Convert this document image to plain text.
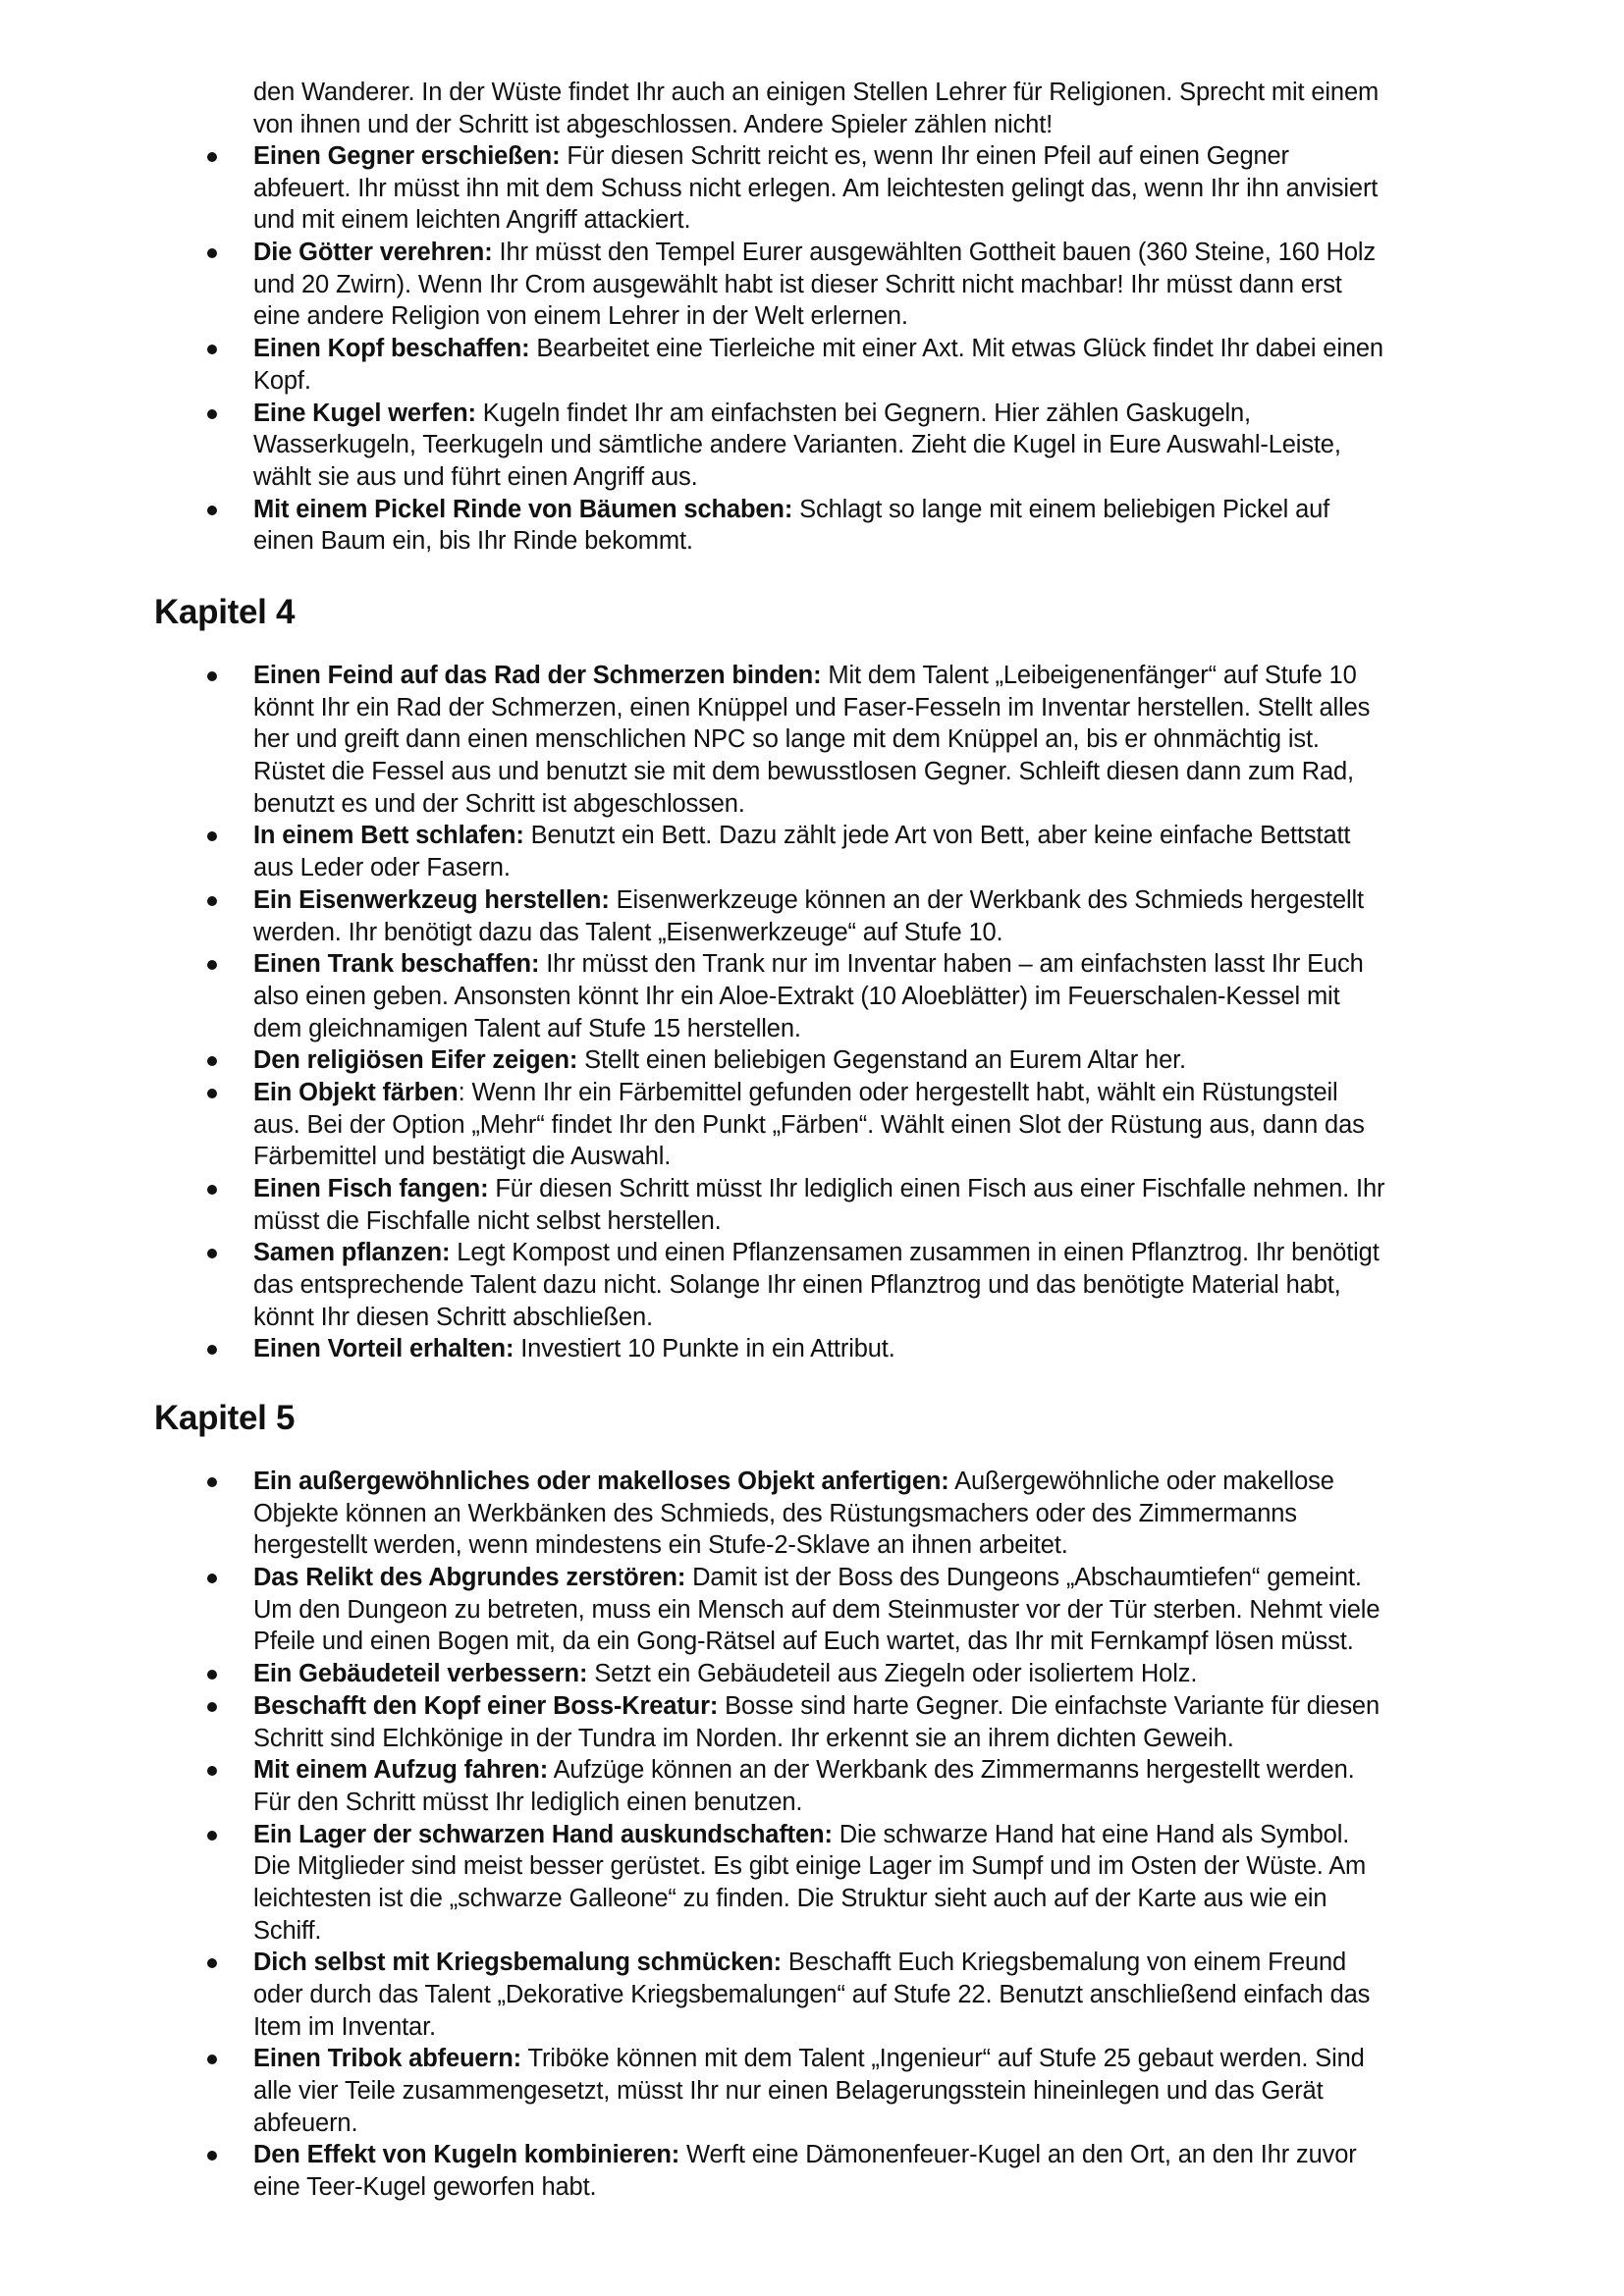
den Wanderer. In der Wüste findet Ihr auch an einigen Stellen Lehrer für Religionen. Sprecht mit einem
von ihnen und der Schritt ist abgeschlossen. Andere Spieler zählen nicht!
Einen Gegner erschießen: Für diesen Schritt reicht es, wenn Ihr einen Pfeil auf einen Gegner
abfeuert. Ihr müsst ihn mit dem Schuss nicht erlegen. Am leichtesten gelingt das, wenn Ihr ihn anvisiert
und mit einem leichten Angriff attackiert.
Die Götter verehren: Ihr müsst den Tempel Eurer ausgewählten Gottheit bauen (360 Steine, 160 Holz
und 20 Zwirn). Wenn Ihr Crom ausgewählt habt ist dieser Schritt nicht machbar! Ihr müsst dann erst
eine andere Religion von einem Lehrer in der Welt erlernen.
Einen Kopf beschaffen: Bearbeitet eine Tierleiche mit einer Axt. Mit etwas Glück findet Ihr dabei einen
Kopf.
Eine Kugel werfen: Kugeln findet Ihr am einfachsten bei Gegnern. Hier zählen Gaskugeln,
Wasserkugeln, Teerkugeln und sämtliche andere Varianten. Zieht die Kugel in Eure Auswahl-Leiste,
wählt sie aus und führt einen Angriff aus.
Mit einem Pickel Rinde von Bäumen schaben: Schlagt so lange mit einem beliebigen Pickel auf
einen Baum ein, bis Ihr Rinde bekommt.
Kapitel 4
Einen Feind auf das Rad der Schmerzen binden: Mit dem Talent „Leibeigenenfänger“ auf Stufe 10
könnt Ihr ein Rad der Schmerzen, einen Knüppel und Faser-Fesseln im Inventar herstellen. Stellt alles
her und greift dann einen menschlichen NPC so lange mit dem Knüppel an, bis er ohnmächtig ist.
Rüstet die Fessel aus und benutzt sie mit dem bewusstlosen Gegner. Schleift diesen dann zum Rad,
benutzt es und der Schritt ist abgeschlossen.
In einem Bett schlafen: Benutzt ein Bett. Dazu zählt jede Art von Bett, aber keine einfache Bettstatt
aus Leder oder Fasern.
Ein Eisenwerkzeug herstellen: Eisenwerkzeuge können an der Werkbank des Schmieds hergestellt
werden. Ihr benötigt dazu das Talent „Eisenwerkzeuge“ auf Stufe 10.
Einen Trank beschaffen: Ihr müsst den Trank nur im Inventar haben – am einfachsten lasst Ihr Euch
also einen geben. Ansonsten könnt Ihr ein Aloe-Extrakt (10 Aloeblätter) im Feuerschalen-Kessel mit
dem gleichnamigen Talent auf Stufe 15 herstellen.
Den religiösen Eifer zeigen: Stellt einen beliebigen Gegenstand an Eurem Altar her.
Ein Objekt färben: Wenn Ihr ein Färbemittel gefunden oder hergestellt habt, wählt ein Rüstungsteil
aus. Bei der Option „Mehr“ findet Ihr den Punkt „Färben“. Wählt einen Slot der Rüstung aus, dann das
Färbemittel und bestätigt die Auswahl.
Einen Fisch fangen: Für diesen Schritt müsst Ihr lediglich einen Fisch aus einer Fischfalle nehmen. Ihr
müsst die Fischfalle nicht selbst herstellen.
Samen pflanzen: Legt Kompost und einen Pflanzensamen zusammen in einen Pflanztrog. Ihr benötigt
das entsprechende Talent dazu nicht. Solange Ihr einen Pflanztrog und das benötigte Material habt,
könnt Ihr diesen Schritt abschließen.
Einen Vorteil erhalten: Investiert 10 Punkte in ein Attribut.
Kapitel 5
Ein außergewöhnliches oder makelloses Objekt anfertigen: Außergewöhnliche oder makellose
Objekte können an Werkbänken des Schmieds, des Rüstungsmachers oder des Zimmermanns
hergestellt werden, wenn mindestens ein Stufe-2-Sklave an ihnen arbeitet.
Das Relikt des Abgrundes zerstören: Damit ist der Boss des Dungeons „Abschaumtiefen“ gemeint.
Um den Dungeon zu betreten, muss ein Mensch auf dem Steinmuster vor der Tür sterben. Nehmt viele
Pfeile und einen Bogen mit, da ein Gong-Rätsel auf Euch wartet, das Ihr mit Fernkampf lösen müsst.
Ein Gebäudeteil verbessern: Setzt ein Gebäudeteil aus Ziegeln oder isoliertem Holz.
Beschafft den Kopf einer Boss-Kreatur: Bosse sind harte Gegner. Die einfachste Variante für diesen
Schritt sind Elchkönige in der Tundra im Norden. Ihr erkennt sie an ihrem dichten Geweih.
Mit einem Aufzug fahren: Aufzüge können an der Werkbank des Zimmermanns hergestellt werden.
Für den Schritt müsst Ihr lediglich einen benutzen.
Ein Lager der schwarzen Hand auskundschaften: Die schwarze Hand hat eine Hand als Symbol.
Die Mitglieder sind meist besser gerüstet. Es gibt einige Lager im Sumpf und im Osten der Wüste. Am
leichtesten ist die „schwarze Galleone“ zu finden. Die Struktur sieht auch auf der Karte aus wie ein
Schiff.
Dich selbst mit Kriegsbemalung schmücken: Beschafft Euch Kriegsbemalung von einem Freund
oder durch das Talent „Dekorative Kriegsbemalungen“ auf Stufe 22. Benutzt anschließend einfach das
Item im Inventar.
Einen Tribok abfeuern: Triböke können mit dem Talent „Ingenieur“ auf Stufe 25 gebaut werden. Sind
alle vier Teile zusammengesetzt, müsst Ihr nur einen Belagerungsstein hineinlegen und das Gerät
abfeuern.
Den Effekt von Kugeln kombinieren: Werft eine Dämonenfeuer-Kugel an den Ort, an den Ihr zuvor
eine Teer-Kugel geworfen habt.
